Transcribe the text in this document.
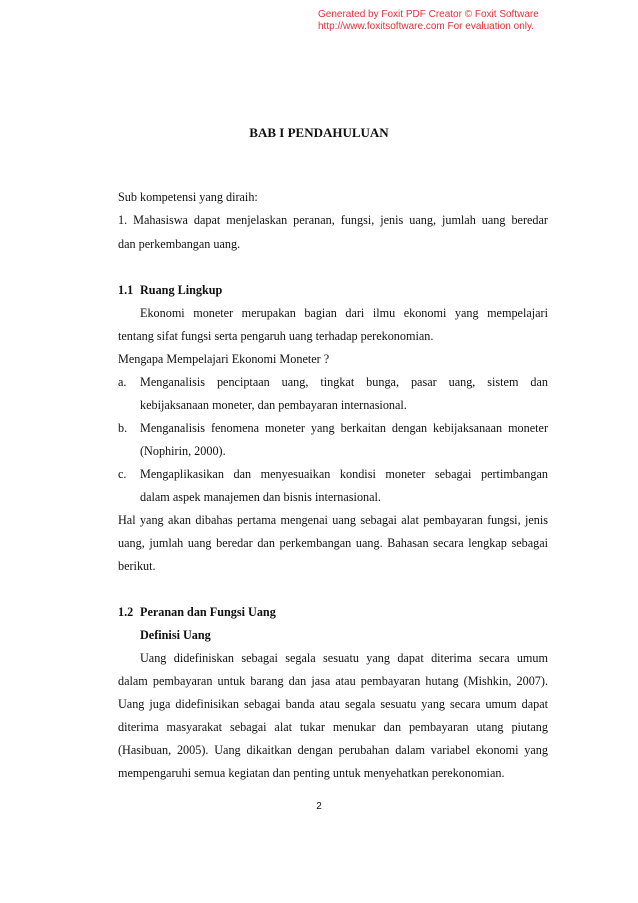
Generated by Foxit PDF Creator © Foxit Software
http://www.foxitsoftware.com For evaluation only.
BAB I PENDAHULUAN
Sub kompetensi yang diraih:
1. Mahasiswa dapat menjelaskan peranan, fungsi, jenis uang, jumlah uang beredar
dan perkembangan uang.
1.1 Ruang Lingkup
Ekonomi moneter merupakan bagian dari ilmu ekonomi yang mempelajari
tentang sifat fungsi serta pengaruh uang terhadap perekonomian.
Mengapa Mempelajari Ekonomi Moneter ?
a. Menganalisis penciptaan uang, tingkat bunga, pasar uang, sistem dan
kebijaksanaan moneter, dan pembayaran internasional.
b. Menganalisis fenomena moneter yang berkaitan dengan kebijaksanaan moneter
(Nophirin, 2000).
c. Mengaplikasikan dan menyesuaikan kondisi moneter sebagai pertimbangan
dalam aspek manajemen dan bisnis internasional.
Hal yang akan dibahas pertama mengenai uang sebagai alat pembayaran fungsi, jenis
uang, jumlah uang beredar dan perkembangan uang. Bahasan secara lengkap sebagai
berikut.
1.2 Peranan dan Fungsi Uang
Definisi Uang
Uang didefiniskan sebagai segala sesuatu yang dapat diterima secara umum
dalam pembayaran untuk barang dan jasa atau pembayaran hutang (Mishkin, 2007).
Uang juga didefinisikan sebagai banda atau segala sesuatu yang secara umum dapat
diterima masyarakat sebagai alat tukar menukar dan pembayaran utang piutang
(Hasibuan, 2005). Uang dikaitkan dengan perubahan dalam variabel ekonomi yang
mempengaruhi semua kegiatan dan penting untuk menyehatkan perekonomian.
2
